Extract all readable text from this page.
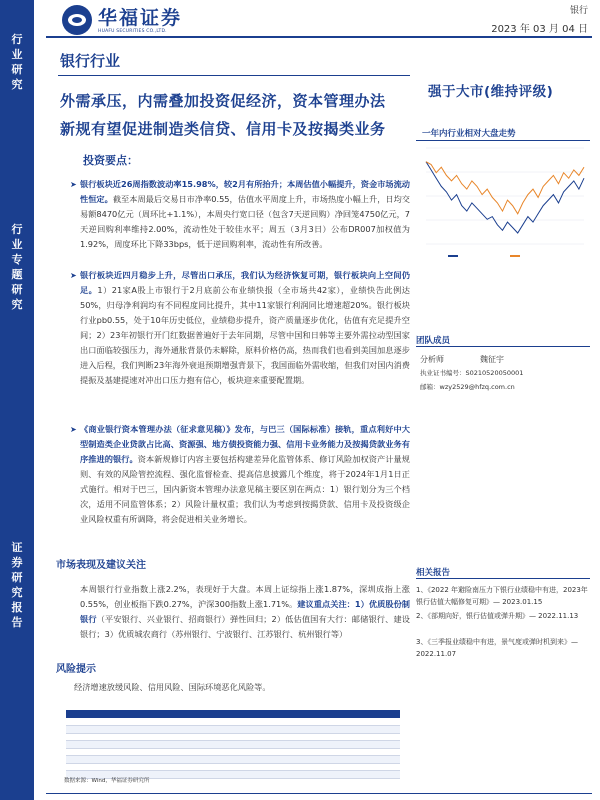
行
业
研
究
行
业
专
题
研
究
证
券
研
究
报
告
华福证券
HUAFU SECURITIES CO.,LTD.
银行
2023 年 03 月 04 日
银行行业
外需承压，内需叠加投资促经济，资本管理办法
新规有望促进制造类信贷、信用卡及按揭类业务
投资要点：
➤ 银行板块近26周指数波动率15.98%，较2月有所抬升；本周估值小幅提升，资金市场流动性恒定。截至本周最后交易日市净率0.55，估值水平周度上升，市场热度小幅上升，日均交易额8470亿元（周环比+1.1%），本周央行宽口径（包含7天逆回购）净回笼4750亿元，7天逆回购利率维持2.00%，流动性处于较佳水平；周五（3月3日）公布DR007加权值为1.92%，周度环比下降33bps，低于逆回购利率，流动性有所改善。
➤ 银行板块近四月稳步上升，尽管出口承压，我们认为经济恢复可期，银行板块向上空间仍足。1）21家A股上市银行于2月底前公布业绩快报（全市场共42家），业绩快告此例达50%，归母净利润均有不同程度同比提升，其中11家银行利润同比增速超20%。银行板块行业pb0.55，处于10年历史低位，业绩稳步提升，资产质量逐步优化，估值有充足提升空间；2）23年初银行开门红数据普遍好于去年同期，尽管中国和日韩等主要外需拉动型国家出口面临较强压力，海外通胀背景仍未解除，原料价格仍高，热而我们也看到美国加息逐步进入后程，我们判断23年海外衰退预期增强背景下，我国面临外需收缩，但我们对国内消费提振及基建提速对冲出口压力抱有信心，板块迎来重要配置期。
➤ 《商业银行资本管理办法（征求意见稿）》发布，与巴三（国际标准）接轨，重点利好中大型制造类企业贷款占比高、资源强、地方债投资能力强、信用卡业务能力及按揭贷款业务有序推进的银行。资本新规修订内容主要包括构建差异化监管体系、修订风险加权资产计量规则、有效的风险管控流程、强化监督检查、提高信息披露几个维度，将于2024年1月1日正式施行。相对于巴三，国内新资本管理办法意见稿主要区别在两点：1）银行划分为三个档次，适用不同监管体系；2）风险计量权重；我们认为考虑到按揭贷款、信用卡及投资级企业风险权重有所调降，将会促进相关业务增长。
市场表现及建议关注
本周银行行业指数上涨2.2%，表现好于大盘。本周上证综指上涨1.87%，深圳成指上涨0.55%，创业板指下跌0.27%，沪深300指数上涨1.71%。建议重点关注：1）优质股份制银行（平安银行、兴业银行、招商银行）弹性回归；2）低估值国有大行：邮储银行、建设银行；3）优质城农商行（苏州银行、宁波银行、江苏银行、杭州银行等）
风险提示
经济增速放缓风险、信用风险、国际环境恶化风险等。

数据来源：Wind，华福证券研究所
强于大市(维持评级)
一年内行业相对大盘走势
团队成员
分析师	魏征宇
执业证书编号：S0210520050001
邮箱：wzy2529@hfzq.com.cn
相关报告
1、《2022 年避险南压力下银行业绩稳中有进，2023年银行估值大幅修复可期》— 2023.01.15
2、《部期向好，银行估值或弹升期》— 2022.11.13
3、《三季报业绩稳中有进，景气度或弹时机到来》— 2022.11.07
